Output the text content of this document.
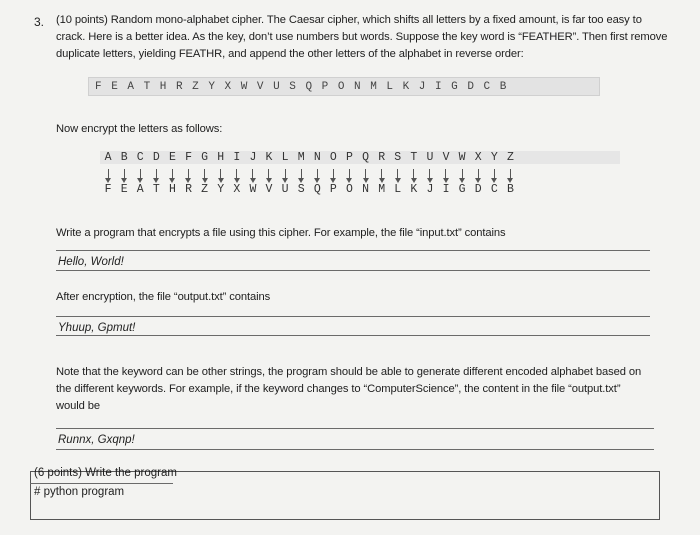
3. (10 points) Random mono-alphabet cipher. The Caesar cipher, which shifts all letters by a fixed amount, is far too easy to

crack. Here is a better idea. As the key, don’t use numbers but words. Suppose the key word is “FEATHER”. Then first remove

duplicate letters, yielding FEATHR, and append the other letters of the alphabet in reverse order:

F E A T H R Z Y X W V U S Q P O N M L K J I G D C B

Now encrypt the letters as follows:

A B C D E F G H I J K L M N O P Q R S T U V W X Y Z
F E A T H R Z Y X W V U S Q P O N M L K J I G D C B

Write a program that encrypts a file using this cipher. For example, the file “input.txt” contains

Hello, World!

After encryption, the file “output.txt” contains

Yhuup, Gpmut!

Note that the keyword can be other strings, the program should be able to generate different encoded alphabet based on

the different keywords. For example, if the keyword changes to “ComputerScience”, the content in the file “output.txt”

would be

Runnx, Gxqnp!
(6 points) Write the program
# python program
